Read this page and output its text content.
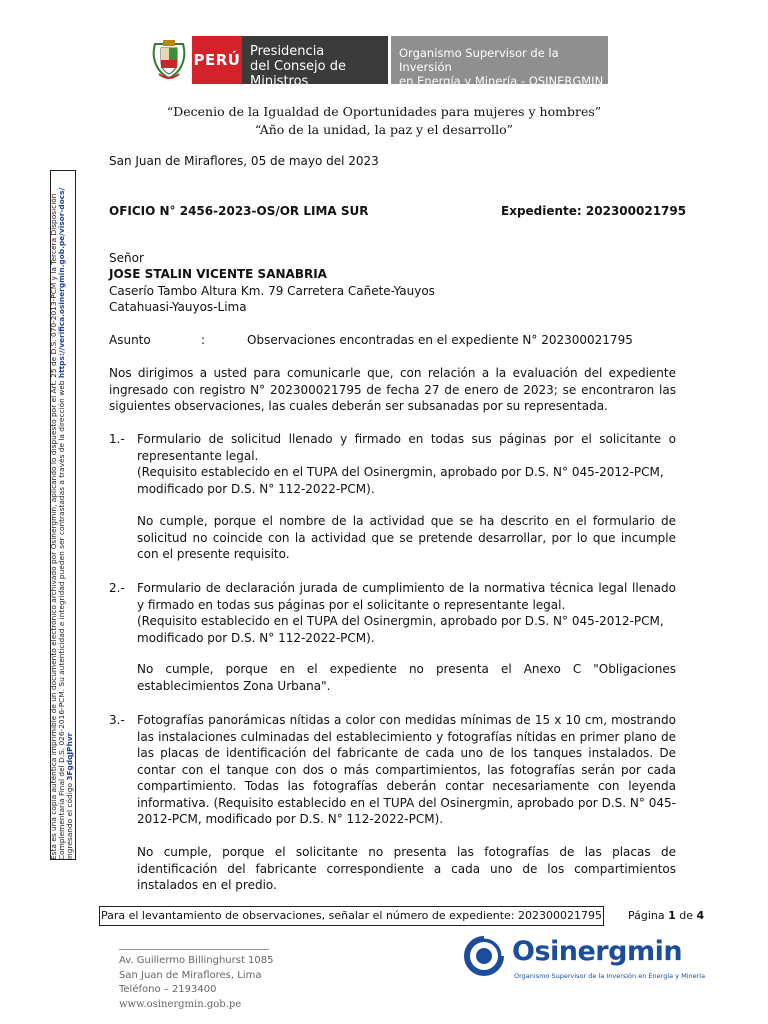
PERÚ Presidencia
del Consejo de Ministros
Organismo Supervisor de la Inversión
en Energía y Minería - OSINERGMIN
“Decenio de la Igualdad de Oportunidades para mujeres y hombres”
“Año de la unidad, la paz y el desarrollo”
Esta es una copia auténtica imprimible de un documento electrónico archivado por Osinergmin, aplicando lo dispuesto por el Art. 25 de D.S. 070-2013-PCM y la Tercera Disposición Complementaria Final del D.S. 026-2016-PCM. Su autenticidad e integridad pueden ser contrastadas a través de la dirección web https://verifica.osinergmin.gob.pe/visor-docs/
ingresando el código 3FgdqJPhvr
San Juan de Miraflores, 05 de mayo del 2023
OFICIO N° 2456-2023-OS/OR LIMA SUR	Expediente: 202300021795
Señor
JOSE STALIN VICENTE SANABRIA
Caserío Tambo Altura Km. 79 Carretera Cañete-Yauyos
Catahuasi-Yauyos-Lima
Asunto	:	Observaciones encontradas en el expediente N° 202300021795
Nos dirigimos a usted para comunicarle que, con relación a la evaluación del expediente ingresado con registro N° 202300021795 de fecha 27 de enero de 2023; se encontraron las siguientes observaciones, las cuales deberán ser subsanadas por su representada.
1.- Formulario de solicitud llenado y firmado en todas sus páginas por el solicitante o representante legal.
(Requisito establecido en el TUPA del Osinergmin, aprobado por D.S. N° 045-2012-PCM, modificado por D.S. N° 112-2022-PCM).
No cumple, porque el nombre de la actividad que se ha descrito en el formulario de solicitud no coincide con la actividad que se pretende desarrollar, por lo que incumple con el presente requisito.
2.- Formulario de declaración jurada de cumplimiento de la normativa técnica legal llenado y firmado en todas sus páginas por el solicitante o representante legal.
(Requisito establecido en el TUPA del Osinergmin, aprobado por D.S. N° 045-2012-PCM, modificado por D.S. N° 112-2022-PCM).
No cumple, porque en el expediente no presenta el Anexo C "Obligaciones establecimientos Zona Urbana".
3.- Fotografías panorámicas nítidas a color con medidas mínimas de 15 x 10 cm, mostrando las instalaciones culminadas del establecimiento y fotografías nítidas en primer plano de las placas de identificación del fabricante de cada uno de los tanques instalados. De contar con el tanque con dos o más compartimientos, las fotografías serán por cada compartimiento. Todas las fotografías deberán contar necesariamente con leyenda informativa. (Requisito establecido en el TUPA del Osinergmin, aprobado por D.S. N° 045-2012-PCM, modificado por D.S. N° 112-2022-PCM).
No cumple, porque el solicitante no presenta las fotografías de las placas de identificación del fabricante correspondiente a cada uno de los compartimientos instalados en el predio.
Para el levantamiento de observaciones, señalar el número de expediente: 202300021795 Página 1 de 4
Av. Guillermo Billinghurst 1085
San Juan de Miraflores, Lima
Teléfono – 2193400
www.osinergmin.gob.pe
Osinergmin
Organismo Supervisor de la Inversión en Energía y Minería
